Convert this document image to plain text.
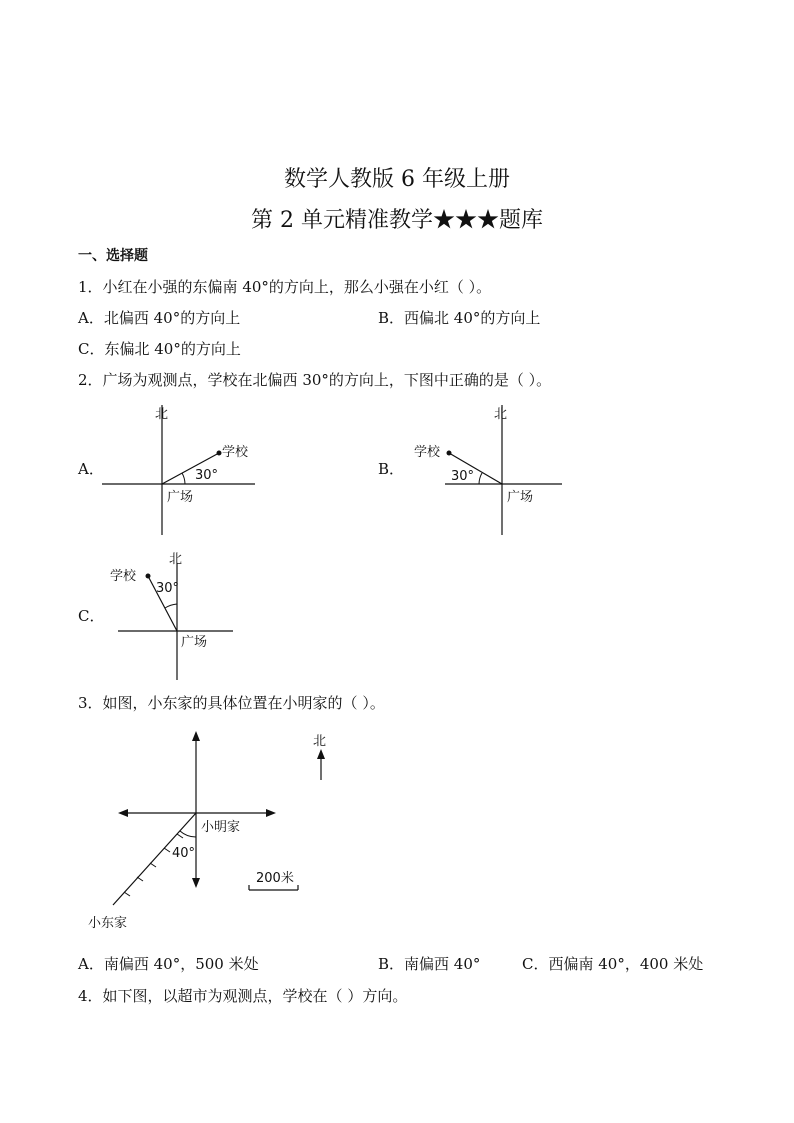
数学人教版 6 年级上册
第 2 单元精准教学★★★题库
一、选择题
1．小红在小强的东偏南 40°的方向上，那么小强在小红（ ）。
A．北偏西 40°的方向上	B．西偏北 40°的方向上
C．东偏北 40°的方向上
2．广场为观测点，学校在北偏西 30°的方向上，下图中正确的是（ ）。
A．
北
学校
30°
广场
B．
北
学校
30°
广场
C．
北
学校
30°
广场
3．如图，小东家的具体位置在小明家的（ ）。
北
小明家
40°
200米
小东家
A．南偏西 40°，500 米处	B．南偏西 40°	C．西偏南 40°，400 米处
4．如下图，以超市为观测点，学校在（ ）方向。
